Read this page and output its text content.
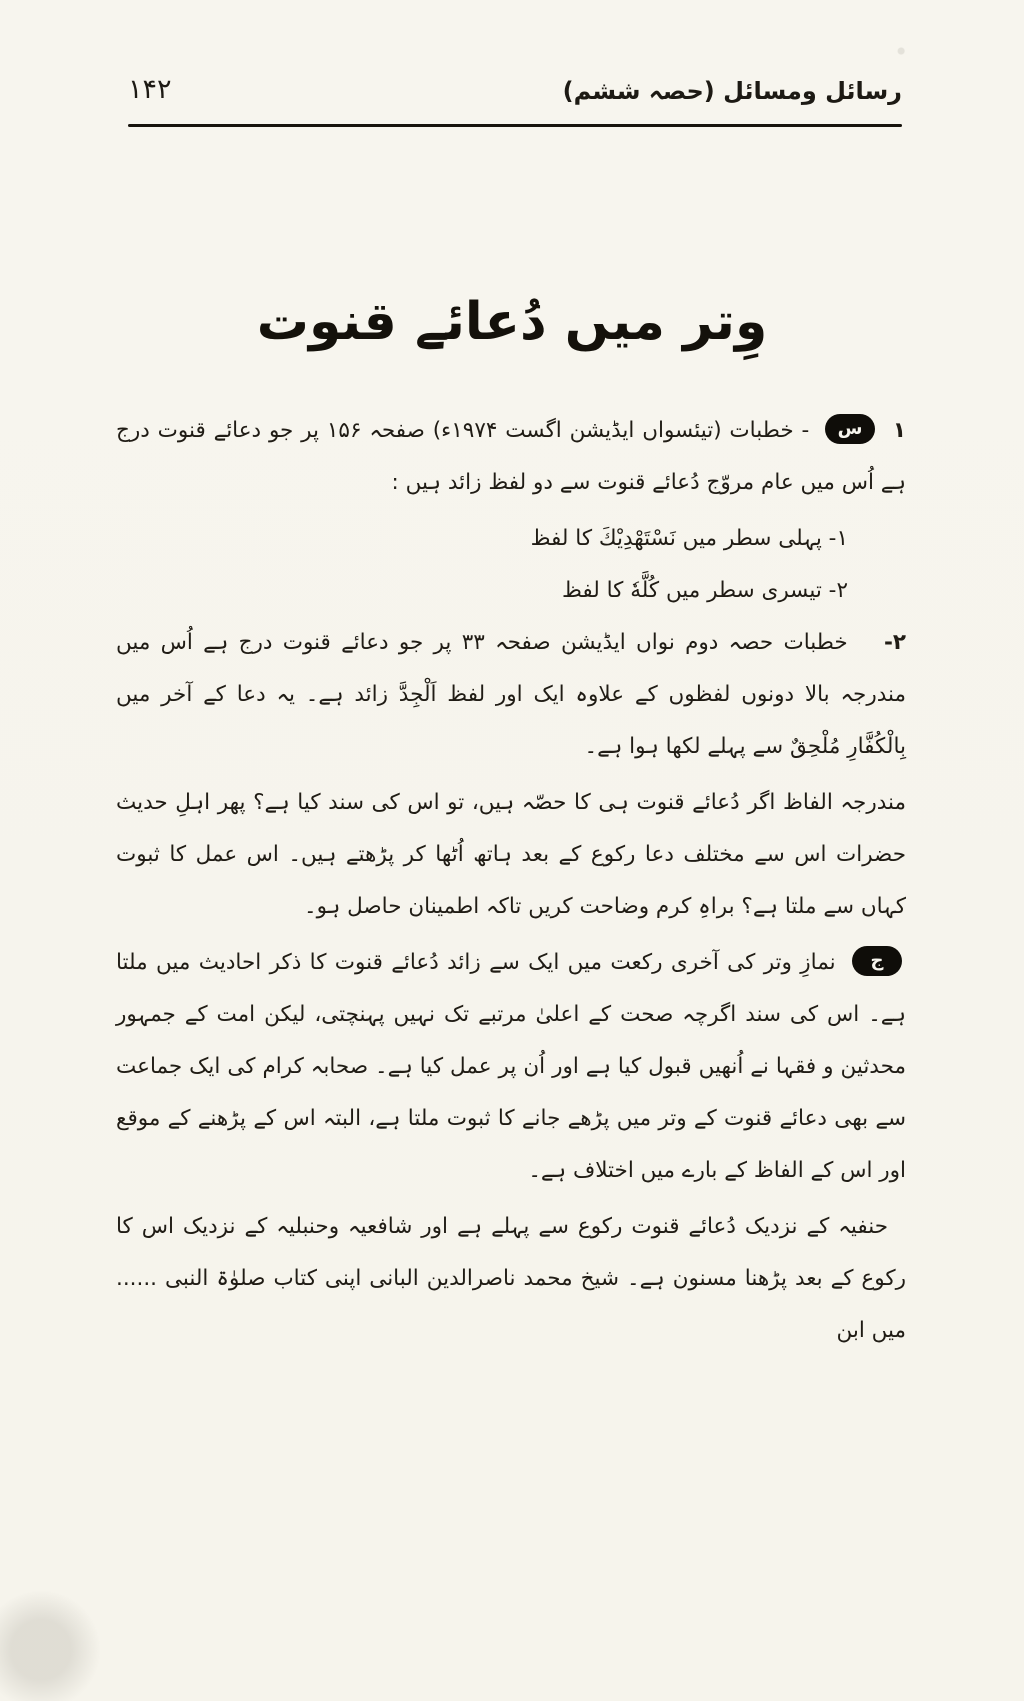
۱۴۲	رسائل ومسائل (حصہ ششم)
وِتر میں دُعائے قنوت

۱ س - خطبات (تیئسواں ایڈیشن اگست ۱۹۷۴ء) صفحہ ۱۵۶ پر جو دعائے قنوت درج ہے اُس میں عام مروّج دُعائے قنوت سے دو لفظ زائد ہیں :

۱- پہلی سطر میں نَسْتَهْدِيْكَ کا لفظ

۲- تیسری سطر میں كُلَّهٗ کا لفظ

۲- خطبات حصہ دوم نواں ایڈیشن صفحہ ۳۳ پر جو دعائے قنوت درج ہے اُس میں مندرجہ بالا دونوں لفظوں کے علاوہ ایک اور لفظ اَلْجِدَّ زائد ہے۔ یہ دعا کے آخر میں بِالْكُفَّارِ مُلْحِقٌ سے پہلے لکھا ہوا ہے۔

مندرجہ الفاظ اگر دُعائے قنوت ہی کا حصّہ ہیں، تو اس کی سند کیا ہے؟ پھر اہلِ حدیث حضرات اس سے مختلف دعا رکوع کے بعد ہاتھ اُٹھا کر پڑھتے ہیں۔ اس عمل کا ثبوت کہاں سے ملتا ہے؟ براہِ کرم وضاحت کریں تاکہ اطمینان حاصل ہو۔

ج نمازِ وتر کی آخری رکعت میں ایک سے زائد دُعائے قنوت کا ذکر احادیث میں ملتا ہے۔ اس کی سند اگرچہ صحت کے اعلیٰ مرتبے تک نہیں پہنچتی، لیکن امت کے جمہور محدثین و فقہا نے اُنھیں قبول کیا ہے اور اُن پر عمل کیا ہے۔ صحابہ کرام کی ایک جماعت سے بھی دعائے قنوت کے وتر میں پڑھے جانے کا ثبوت ملتا ہے، البتہ اس کے پڑھنے کے موقع اور اس کے الفاظ کے بارے میں اختلاف ہے۔

حنفیہ کے نزدیک دُعائے قنوت رکوع سے پہلے ہے اور شافعیہ وحنبلیہ کے نزدیک اس کا رکوع کے بعد پڑھنا مسنون ہے۔ شیخ محمد ناصرالدین البانی اپنی کتاب صلوٰۃ النبی ...... میں ابن
